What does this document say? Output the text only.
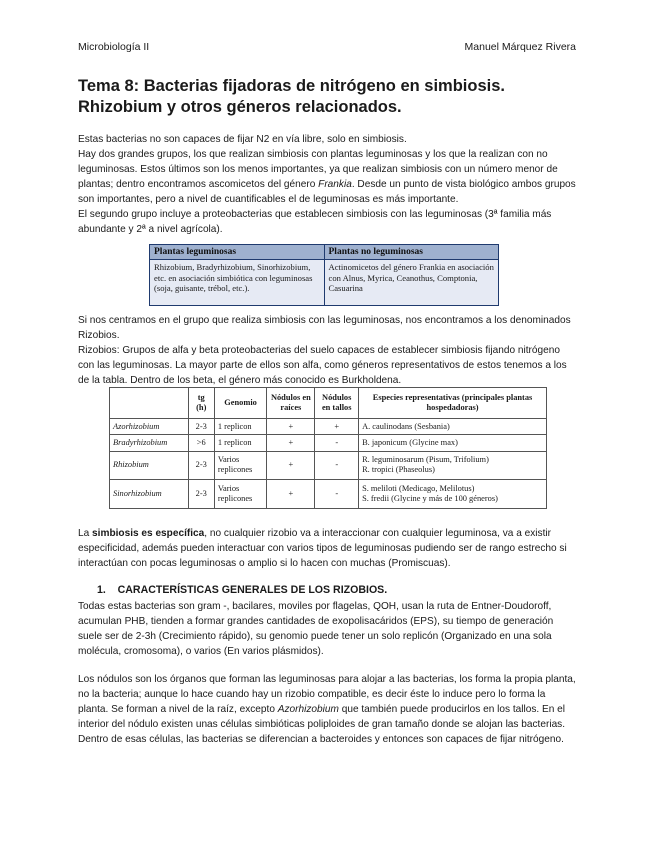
Microbiología II	Manuel Márquez Rivera
Tema 8: Bacterias fijadoras de nitrógeno en simbiosis. Rhizobium y otros géneros relacionados.

Estas bacterias no son capaces de fijar N2 en vía libre, solo en simbiosis.

Hay dos grandes grupos, los que realizan simbiosis con plantas leguminosas y los que la realizan con no leguminosas. Estos últimos son los menos importantes, ya que realizan simbiosis con un número menor de plantas; dentro encontramos ascomicetos del género Frankia. Desde un punto de vista biológico ambos grupos son importantes, pero a nivel de cuantificables el de leguminosas es más importante.

El segundo grupo incluye a proteobacterias que establecen simbiosis con las leguminosas (3ª familia más abundante y 2ª a nivel agrícola).

Plantas leguminosas	Plantas no leguminosas
Rhizobium, Bradyrhizobium, Sinorhizobium, etc. en asociación simbiótica con leguminosas (soja, guisante, trébol, etc.).	Actinomicetos del género Frankia en asociación con Alnus, Myrica, Ceanothus, Comptonia, Casuarina

Si nos centramos en el grupo que realiza simbiosis con las leguminosas, nos encontramos a los denominados Rizobios.

Rizobios: Grupos de alfa y beta proteobacterias del suelo capaces de establecer simbiosis fijando nitrógeno con las leguminosas. La mayor parte de ellos son alfa, como géneros representativos de estos tenemos a los de la tabla. Dentro de los beta, el género más conocido es Burkholdena.

	tg (h)	Genomio	Nódulos en raíces	Nódulos en tallos	Especies representativas (principales plantas hospedadoras)
Azorhizobium	2-3	1 replicon	+	+	A. caulinodans (Sesbania)
Bradyrhizobium	>6	1 replicon	+	-	B. japonicum (Glycine max)
Rhizobium	2-3	Varios replicones	+	-	R. leguminosarum (Pisum, Trifolium)
R. tropici (Phaseolus)

Sinorhizobium	2-3	Varios replicones	+	-	S. meliloti (Medicago, Melilotus)
S. fredii (Glycine y más de 100 géneros)

La simbiosis es específica, no cualquier rizobio va a interaccionar con cualquier leguminosa, va a existir especificidad, además pueden interactuar con varios tipos de leguminosas pudiendo ser de rango estrecho si interactúan con pocas leguminosas o amplio si lo hacen con muchas (Promiscuas).

1. CARACTERÍSTICAS GENERALES DE LOS RIZOBIOS.
Todas estas bacterias son gram -, bacilares, moviles por flagelas, QOH, usan la ruta de Entner-Doudoroff, acumulan PHB, tienden a formar grandes cantidades de exopolisacáridos (EPS), su tiempo de generación suele ser de 2-3h (Crecimiento rápido), su genomio puede tener un solo replicón (Organizado en una sola molécula, cromosoma), o varios (En varios plásmidos).

Los nódulos son los órganos que forman las leguminosas para alojar a las bacterias, los forma la propia planta, no la bacteria; aunque lo hace cuando hay un rizobio compatible, es decir éste lo induce pero lo forma la planta. Se forman a nivel de la raíz, excepto Azorhizobium que también puede producirlos en los tallos. En el interior del nódulo existen unas células simbióticas poliploides de gran tamaño donde se alojan las bacterias. Dentro de esas células, las bacterias se diferencian a bacteroides y entonces son capaces de fijar nitrógeno.
